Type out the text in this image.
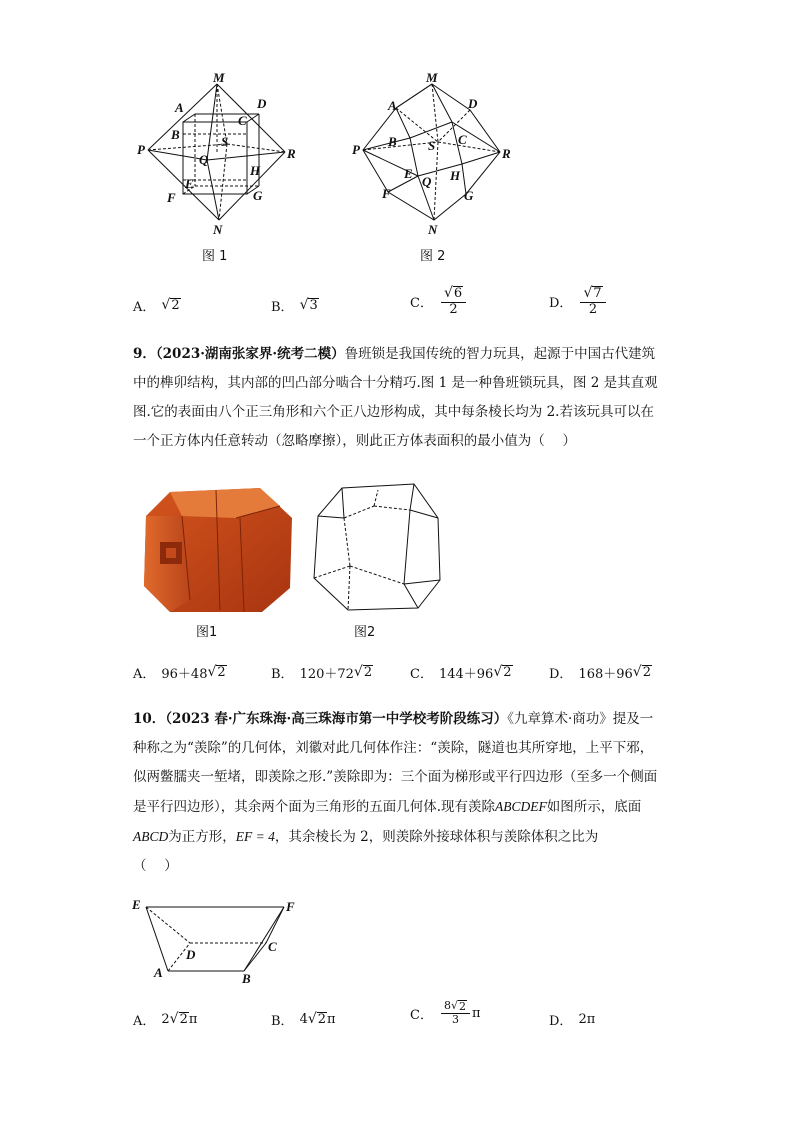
M
A	D
B
C
P
S
Q	R
E
H
F	G
N
图 1
M
A	D
B S C
P	R
E
Q H
F	G
N
图 2
A． √ 2	B． √ 3	C． $\frac{√ 6}{2}$	D． $\frac{√ 7}{2}$
9．（2023·湖南张家界·统考二模）鲁班锁是我国传统的智力玩具，起源于中国古代建筑中的榫卯结构，其内部的凹凸部分啮合十分精巧.图 1 是一种鲁班锁玩具，图 2 是其直观图.它的表面由八个正三角形和六个正八边形构成，其中每条棱长均为 2.若该玩具可以在一个正方体内任意转动（忽略摩擦），则此正方体表面积的最小值为（　 ）
图1	图2
A． 96＋48 √ 2	B． 120＋72 √ 2	C． 144＋96 √ 2	D． 168＋96 √ 2
10．（2023 春·广东珠海·高三珠海市第一中学校考阶段练习）《九章算术·商功》提及一种称之为“羡除”的几何体，刘徽对此几何体作注：“羡除，隧道也其所穿地，上平下邪，似两鳖臑夹一堑堵，即羡除之形.”羡除即为：三个面为梯形或平行四边形（至多一个侧面是平行四边形），其余两个面为三角形的五面几何体.现有羡除ABCDEF如图所示，底面ABCD为正方形，EF = 4，其余棱长为 2，则羡除外接球体积与羡除体积之比为
（　 ）
E	F
D
C
A	B
A． 2 √ 2 π	B． 4 √ 2 π	C． $\frac{8 √ 2}{3}$ π
D． 2π
